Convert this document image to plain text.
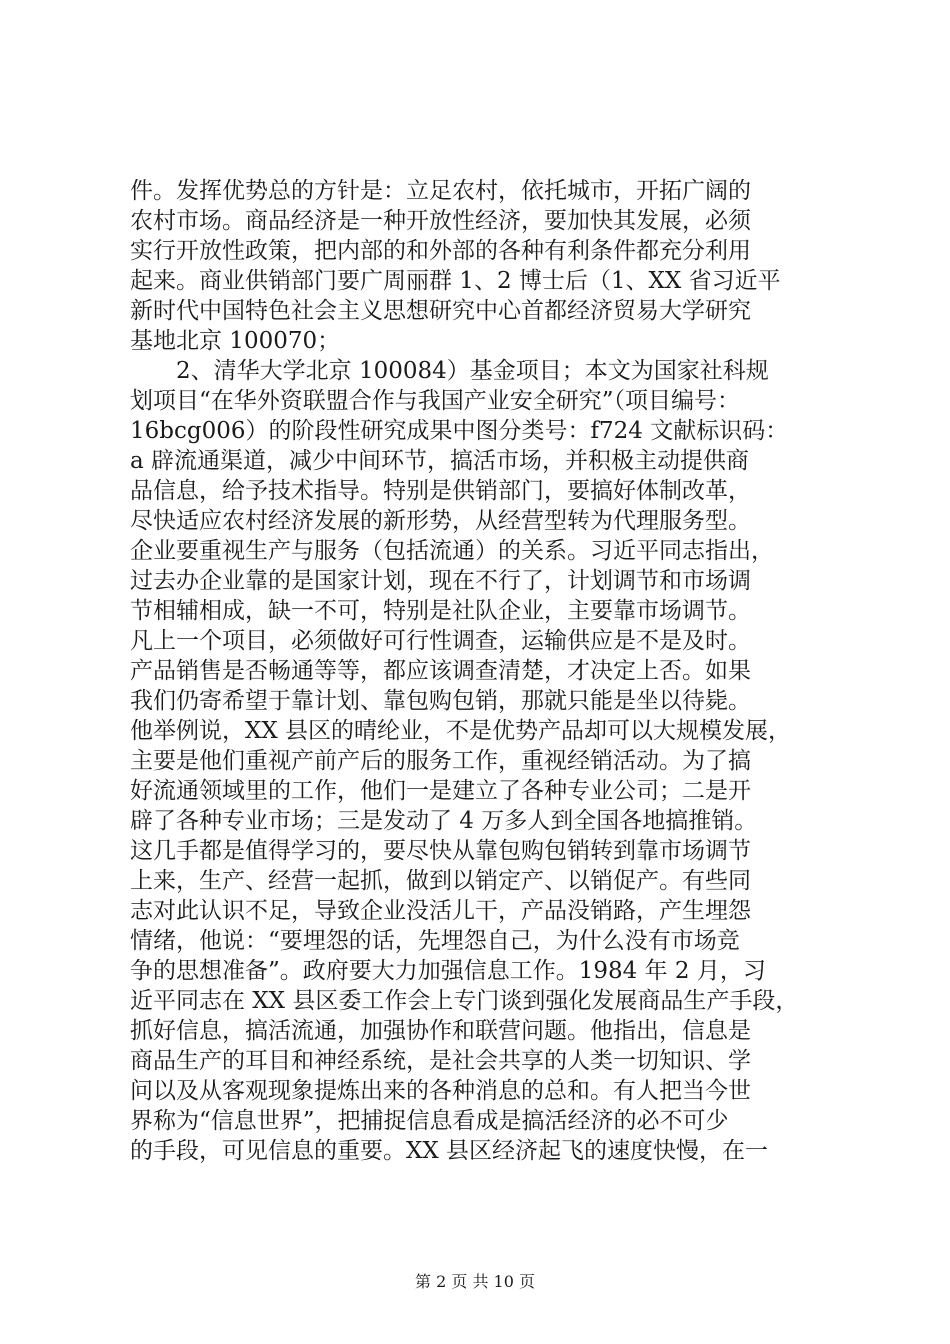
件。发挥优势总的方针是：立足农村，依托城市，开拓广阔的
农村市场。商品经济是一种开放性经济，要加快其发展，必须
实行开放性政策，把内部的和外部的各种有利条件都充分利用
起来。商业供销部门要广周丽群 1、2 博士后（1、XX 省习近平
新时代中国特色社会主义思想研究中心首都经济贸易大学研究
基地北京 100070；
　　2、清华大学北京 100084）基金项目；本文为国家社科规
划项目“在华外资联盟合作与我国产业安全研究”（项目编号：
16bcg006）的阶段性研究成果中图分类号：f724 文献标识码：
a 辟流通渠道，减少中间环节，搞活市场，并积极主动提供商
品信息，给予技术指导。特别是供销部门，要搞好体制改革，
尽快适应农村经济发展的新形势，从经营型转为代理服务型。
企业要重视生产与服务（包括流通）的关系。习近平同志指出，
过去办企业靠的是国家计划，现在不行了，计划调节和市场调
节相辅相成，缺一不可，特别是社队企业，主要靠市场调节。
凡上一个项目，必须做好可行性调查，运输供应是不是及时。
产品销售是否畅通等等，都应该调查清楚，才决定上否。如果
我们仍寄希望于靠计划、靠包购包销，那就只能是坐以待毙。
他举例说，XX 县区的晴纶业，不是优势产品却可以大规模发展，
主要是他们重视产前产后的服务工作，重视经销活动。为了搞
好流通领域里的工作，他们一是建立了各种专业公司；二是开
辟了各种专业市场；三是发动了 4 万多人到全国各地搞推销。
这几手都是值得学习的，要尽快从靠包购包销转到靠市场调节
上来，生产、经营一起抓，做到以销定产、以销促产。有些同
志对此认识不足，导致企业没活儿干，产品没销路，产生埋怨
情绪，他说：“要埋怨的话，先埋怨自己，为什么没有市场竞
争的思想准备”。政府要大力加强信息工作。1984 年 2 月，习
近平同志在 XX 县区委工作会上专门谈到强化发展商品生产手段，
抓好信息，搞活流通，加强协作和联营问题。他指出，信息是
商品生产的耳目和神经系统，是社会共享的人类一切知识、学
问以及从客观现象提炼出来的各种消息的总和。有人把当今世
界称为“信息世界”，把捕捉信息看成是搞活经济的必不可少
的手段，可见信息的重要。XX 县区经济起飞的速度快慢，在一
第 2 页 共 10 页
